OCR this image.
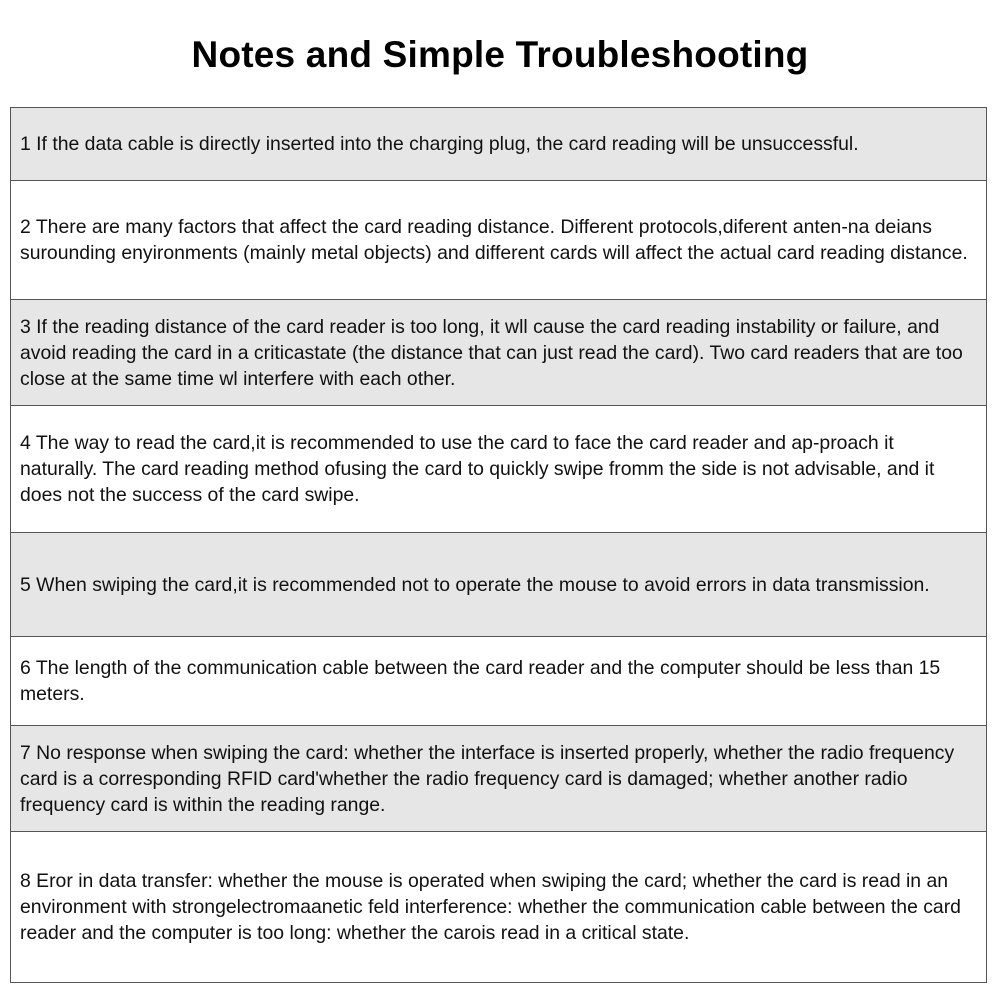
Notes and Simple Troubleshooting
1 If the data cable is directly inserted into the charging plug, the card reading will be unsuccessful.
2 There are many factors that affect the card reading distance. Different protocols,diferent anten-na deians surounding enyironments (mainly metal objects) and different cards will affect the actual card reading distance.
3 If the reading distance of the card reader is too long, it wll cause the card reading instability or failure, and avoid reading the card in a criticastate (the distance that can just read the card). Two card readers that are too close at the same time wl interfere with each other.
4 The way to read the card,it is recommended to use the card to face the card reader and ap-proach it naturally. The card reading method ofusing the card to quickly swipe fromm the side is not advisable, and it does not the success of the card swipe.
5 When swiping the card,it is recommended not to operate the mouse to avoid errors in data transmission.
6 The length of the communication cable between the card reader and the computer should be less than 15 meters.
7 No response when swiping the card: whether the interface is inserted properly, whether the radio frequency card is a corresponding RFID card'whether the radio frequency card is damaged; whether another radio frequency card is within the reading range.
8 Eror in data transfer: whether the mouse is operated when swiping the card; whether the card is read in an environment with strongelectromaanetic feld interference: whether the communication cable between the card reader and the computer is too long: whether the carois read in a critical state.
